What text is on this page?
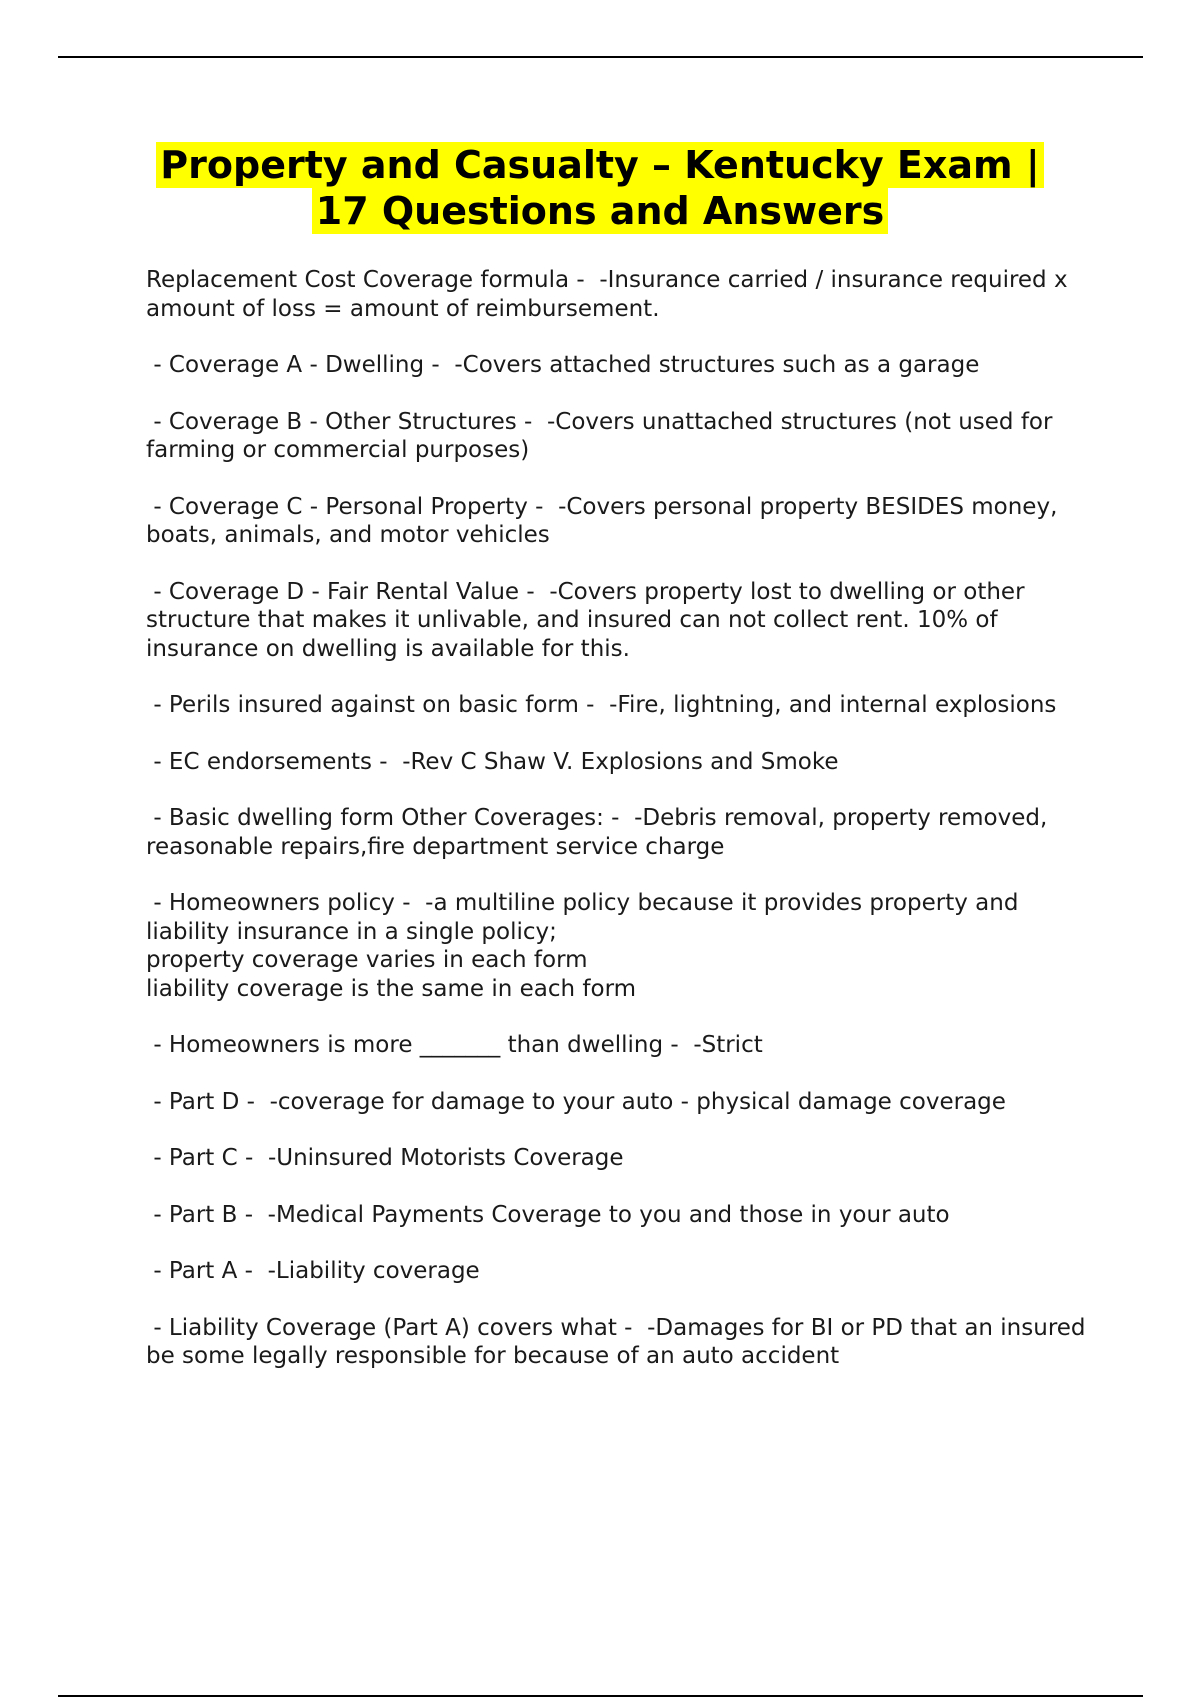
Property and Casualty – Kentucky Exam |
17 Questions and Answers

Replacement Cost Coverage formula -  -Insurance carried / insurance required x amount of loss = amount of reimbursement.

- Coverage A - Dwelling -  -Covers attached structures such as a garage

- Coverage B - Other Structures -  -Covers unattached structures (not used for farming or commercial purposes)

- Coverage C - Personal Property -  -Covers personal property BESIDES money, boats, animals, and motor vehicles

- Coverage D - Fair Rental Value -  -Covers property lost to dwelling or other structure that makes it unlivable, and insured can not collect rent. 10% of insurance on dwelling is available for this.

- Perils insured against on basic form -  -Fire, lightning, and internal explosions

- EC endorsements -  -Rev C Shaw V. Explosions and Smoke

- Basic dwelling form Other Coverages: -  -Debris removal, property removed, reasonable repairs,fire department service charge

- Homeowners policy -  -a multiline policy because it provides property and liability insurance in a single policy;
property coverage varies in each form
liability coverage is the same in each form

- Homeowners is more _______ than dwelling -  -Strict

- Part D -  -coverage for damage to your auto - physical damage coverage

- Part C -  -Uninsured Motorists Coverage

- Part B -  -Medical Payments Coverage to you and those in your auto

- Part A -  -Liability coverage

- Liability Coverage (Part A) covers what -  -Damages for BI or PD that an insured be some legally responsible for because of an auto accident
